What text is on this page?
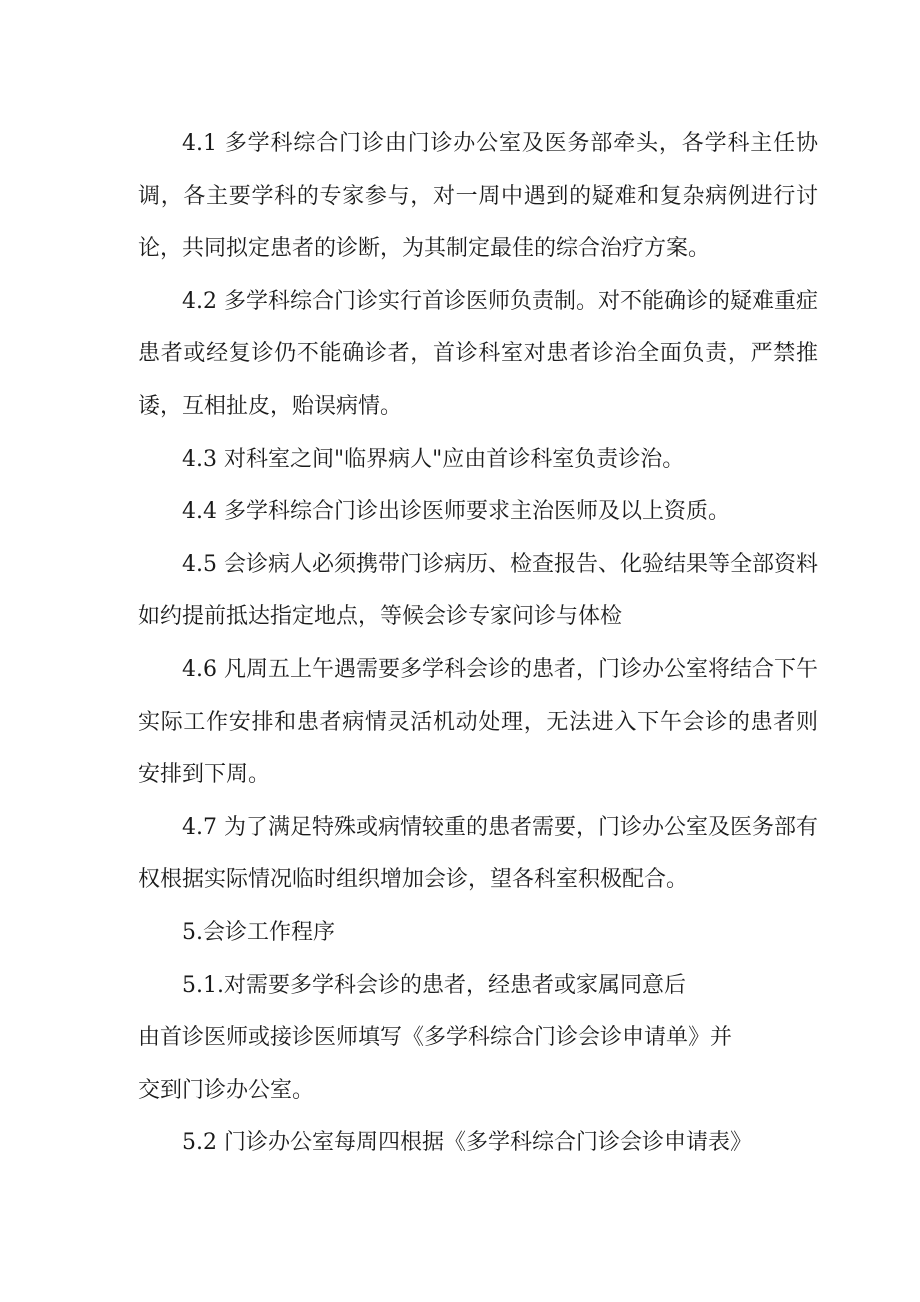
4.1 多学科综合门诊由门诊办公室及医务部牵头，各学科主任协调，各主要学科的专家参与，对一周中遇到的疑难和复杂病例进行讨论，共同拟定患者的诊断，为其制定最佳的综合治疗方案。

4.2 多学科综合门诊实行首诊医师负责制。对不能确诊的疑难重症患者或经复诊仍不能确诊者，首诊科室对患者诊治全面负责，严禁推诿，互相扯皮，贻误病情。

4.3 对科室之间"临界病人"应由首诊科室负责诊治。

4.4 多学科综合门诊出诊医师要求主治医师及以上资质。

4.5 会诊病人必须携带门诊病历、检查报告、化验结果等全部资料如约提前抵达指定地点，等候会诊专家问诊与体检

4.6 凡周五上午遇需要多学科会诊的患者，门诊办公室将结合下午实际工作安排和患者病情灵活机动处理，无法进入下午会诊的患者则安排到下周。

4.7 为了满足特殊或病情较重的患者需要，门诊办公室及医务部有权根据实际情况临时组织增加会诊，望各科室积极配合。

5.会诊工作程序

5.1.对需要多学科会诊的患者，经患者或家属同意后
由首诊医师或接诊医师填写《多学科综合门诊会诊申请单》并
交到门诊办公室。
5.2 门诊办公室每周四根据《多学科综合门诊会诊申请表》
